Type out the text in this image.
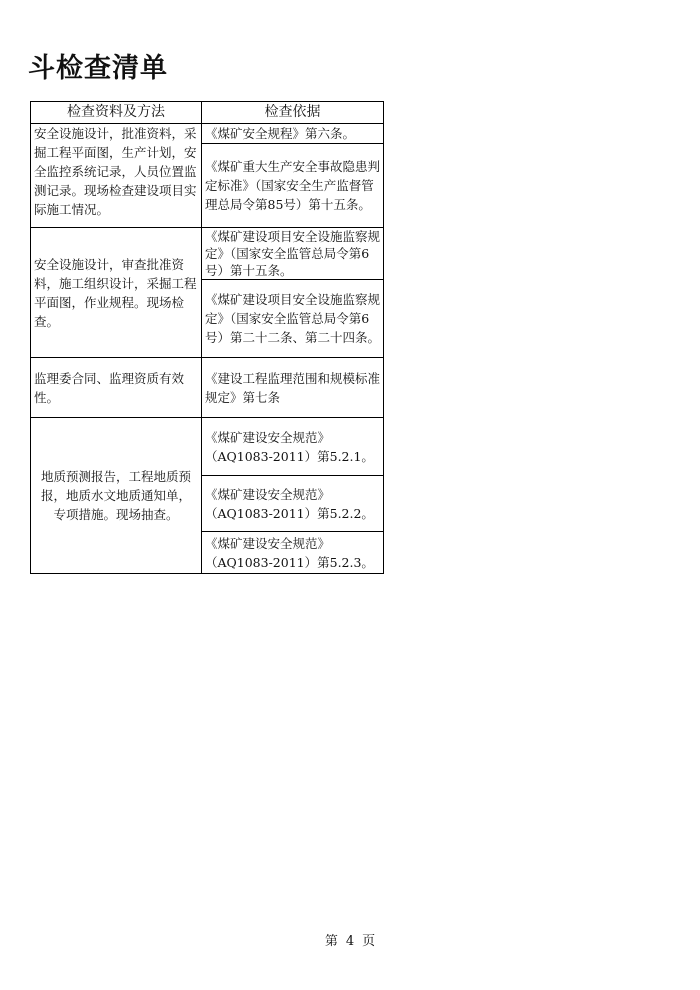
斗检查清单
检查资料及方法	检查依据
安全设施设计，批准资料，采掘工程平面图，生产计划，安全监控系统记录，人员位置监测记录。现场检查建设项目实际施工情况。	《煤矿安全规程》第六条。
	《煤矿重大生产安全事故隐患判定标准》（国家安全生产监督管理总局令第85号）第十五条。
安全设施设计，审查批准资料，施工组织设计，采掘工程平面图，作业规程。现场检查。	《煤矿建设项目安全设施监察规定》（国家安全监管总局令第6号）第十五条。
	《煤矿建设项目安全设施监察规定》（国家安全监管总局令第6号）第二十二条、第二十四条。
监理委合同、监理资质有效性。	《建设工程监理范围和规模标准规定》第七条
地质预测报告，工程地质预报，地质水文地质通知单，专项措施。现场抽查。	《煤矿建设安全规范》（AQ1083-2011）第5.2.1。
	《煤矿建设安全规范》（AQ1083-2011）第5.2.2。
	《煤矿建设安全规范》（AQ1083-2011）第5.2.3。
第 4 页
